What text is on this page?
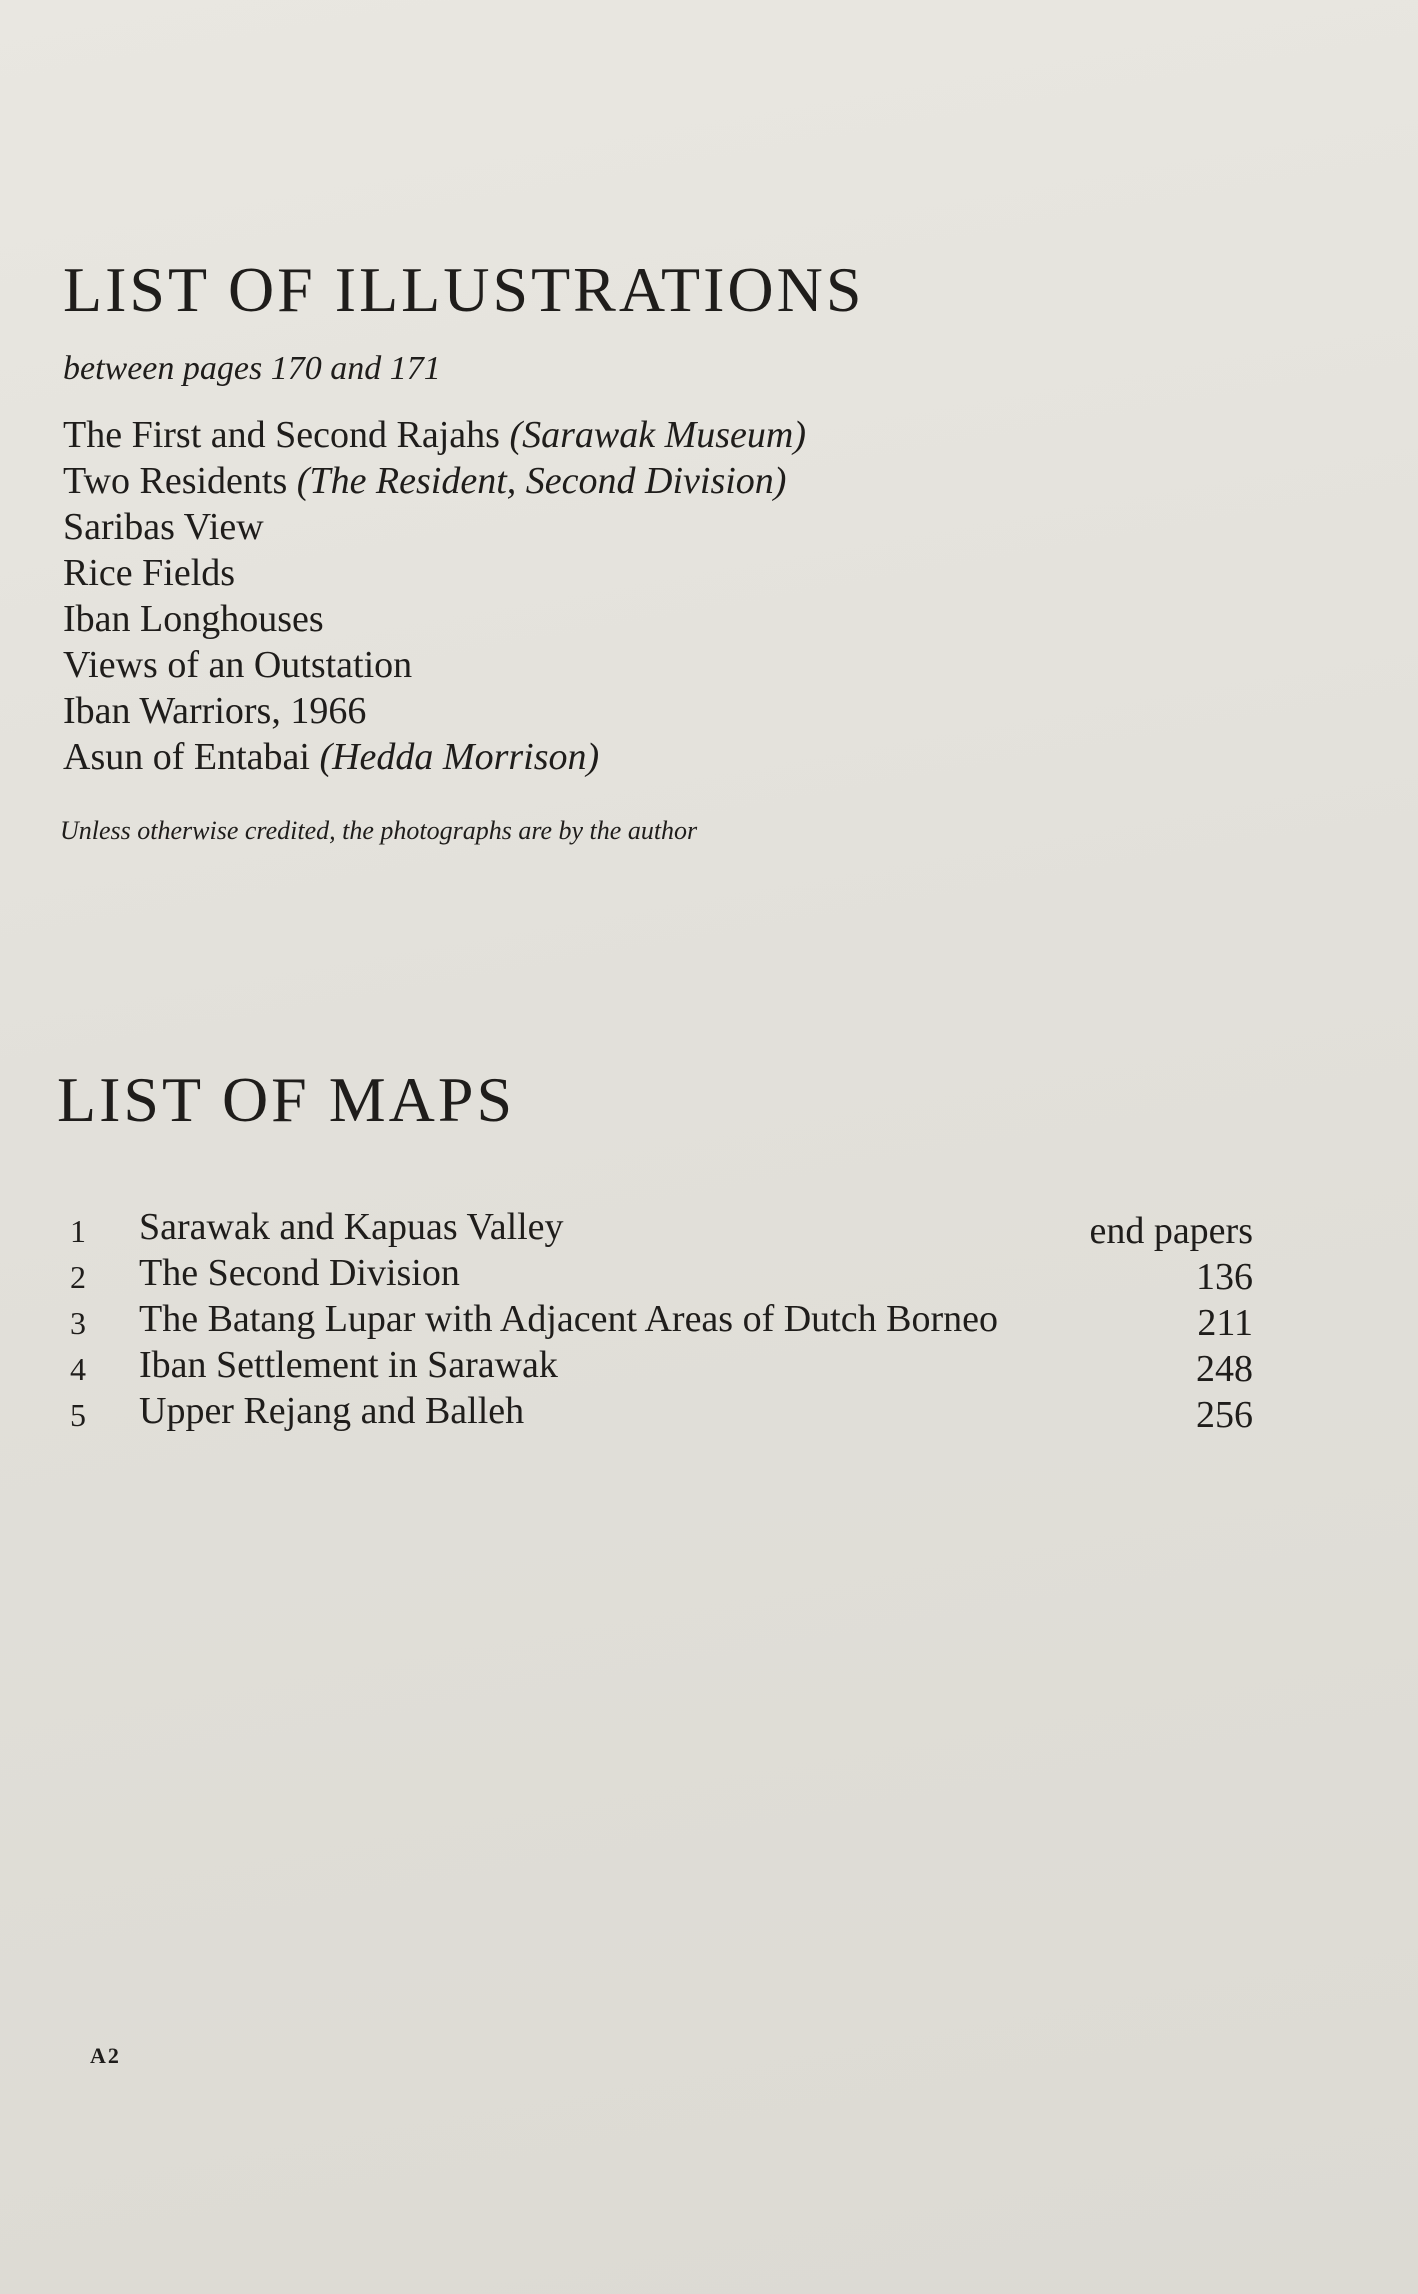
LIST OF ILLUSTRATIONS
between pages 170 and 171
The First and Second Rajahs (Sarawak Museum)
Two Residents (The Resident, Second Division)
Saribas View
Rice Fields
Iban Longhouses
Views of an Outstation
Iban Warriors, 1966
Asun of Entabai (Hedda Morrison)
Unless otherwise credited, the photographs are by the author
LIST OF MAPS
1 Sarawak and Kapuas Valley	end papers
2 The Second Division	136
3 The Batang Lupar with Adjacent Areas of Dutch Borneo	211
4 Iban Settlement in Sarawak	248
5 Upper Rejang and Balleh	256
A2
